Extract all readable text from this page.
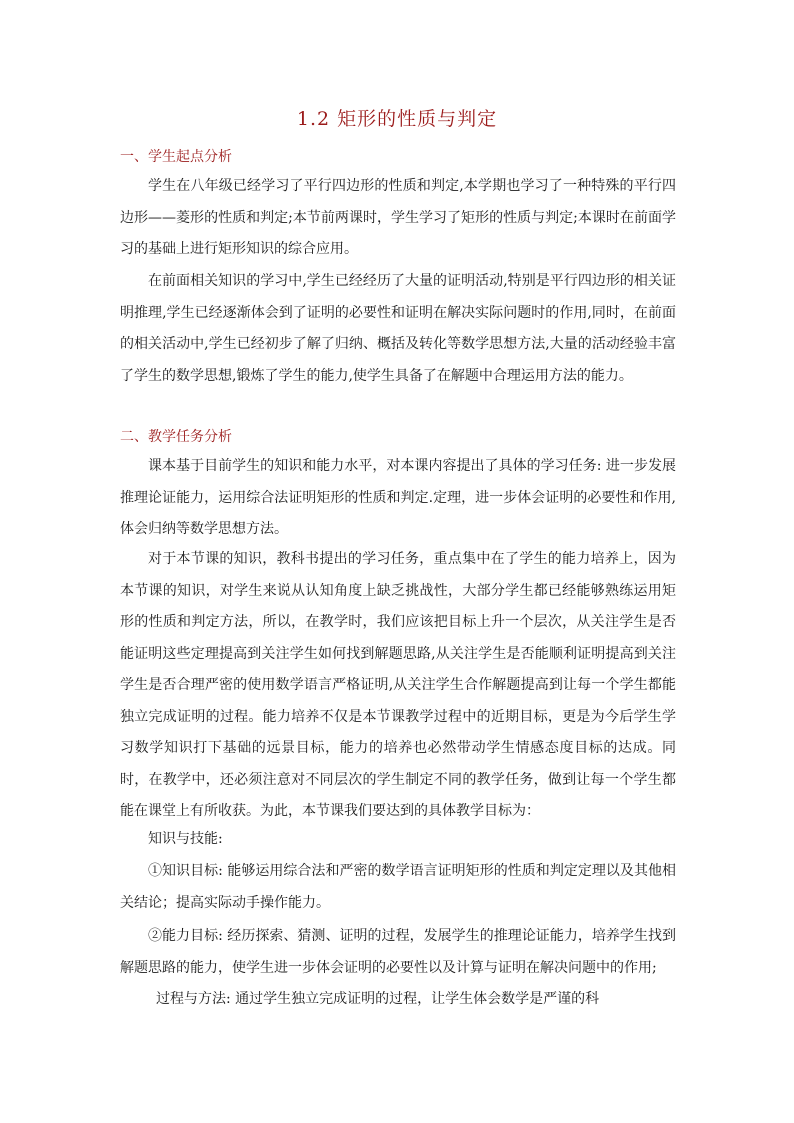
1.2 矩形的性质与判定
一、学生起点分析

学生在八年级已经学习了平行四边形的性质和判定,本学期也学习了一种特殊的平行四边形——菱形的性质和判定;本节前两课时，学生学习了矩形的性质与判定;本课时在前面学习的基础上进行矩形知识的综合应用。

在前面相关知识的学习中,学生已经经历了大量的证明活动,特别是平行四边形的相关证明推理,学生已经逐渐体会到了证明的必要性和证明在解决实际问题时的作用,同时，在前面的相关活动中,学生已经初步了解了归纳、概括及转化等数学思想方法,大量的活动经验丰富了学生的数学思想,锻炼了学生的能力,使学生具备了在解题中合理运用方法的能力。

二、教学任务分析

课本基于目前学生的知识和能力水平，对本课内容提出了具体的学习任务: 进一步发展推理论证能力，运用综合法证明矩形的性质和判定.定理，进一步体会证明的必要性和作用,体会归纳等数学思想方法。

对于本节课的知识，教科书提出的学习任务，重点集中在了学生的能力培养上，因为本节课的知识，对学生来说从认知角度上缺乏挑战性，大部分学生都已经能够熟练运用矩形的性质和判定方法，所以，在教学时，我们应该把目标上升一个层次，从关注学生是否能证明这些定理提高到关注学生如何找到解题思路,从关注学生是否能顺利证明提高到关注学生是否合理严密的使用数学语言严格证明,从关注学生合作解题提高到让每一个学生都能独立完成证明的过程。能力培养不仅是本节课教学过程中的近期目标，更是为今后学生学习数学知识打下基础的远景目标，能力的培养也必然带动学生情感态度目标的达成。同时，在教学中，还必须注意对不同层次的学生制定不同的教学任务，做到让每一个学生都能在课堂上有所收获。为此，本节课我们要达到的具体教学目标为：

知识与技能:

①知识目标: 能够运用综合法和严密的数学语言证明矩形的性质和判定定理以及其他相关结论；提高实际动手操作能力。

②能力目标: 经历探索、猜测、证明的过程，发展学生的推理论证能力，培养学生找到解题思路的能力，使学生进一步体会证明的必要性以及计算与证明在解决问题中的作用;

过程与方法: 通过学生独立完成证明的过程，让学生体会数学是严谨的科
